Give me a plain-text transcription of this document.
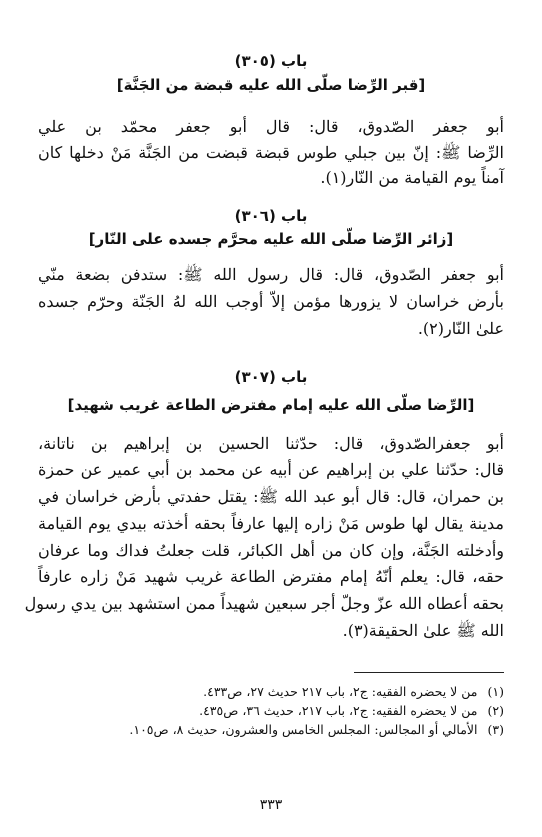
باب (٣٠٥)
[قبر الرِّضا صلّى الله عليه قبضة من الجَنَّة]
أبو جعفر الصّدوق، قال: قال أبو جعفر محمّد بن علي
الرِّضا ﷺ: إنّ بين جبلي طوس قبضة قبضت من الجَنَّة مَنْ دخلها كان
آمناً يوم القيامة من النّار(١).
باب (٣٠٦)
[زائر الرِّضا صلّى الله عليه محرَّم جسده على النّار]
أبو جعفر الصّدوق، قال: قال رسول الله ﷺ: ستدفن بضعة منّي
بأرض خراسان لا يزورها مؤمن إلاّ أوجب الله لهُ الجَنّة وحرّم جسده
علىٰ النّار(٢).
باب (٣٠٧)
[الرِّضا صلّى الله عليه إمام مفترض الطاعة غريب شهيد]
أبو جعفرالصّدوق، قال: حدّثنا الحسين بن إبراهيم بن ناتانة،
قال: حدّثنا علي بن إبراهيم عن أبيه عن محمد بن أبي عمير عن حمزة
بن حمران، قال: قال أبو عبد الله ﷺ: يقتل حفدتي بأرض خراسان في
مدينة يقال لها طوس مَنْ زاره إليها عارفاً بحقه أخذته بيدي يوم القيامة
وأدخلته الجَنَّة، وإن كان من أهل الكبائر، قلت جعلتُ فداك وما عرفان
حقه، قال: يعلم أنّهُ إمام مفترض الطاعة غريب شهيد مَنْ زاره عارفاً
بحقه أعطاه الله عزّ وجلّ أجر سبعين شهيداً ممن استشهد بين يدي رسول
الله ﷺ علىٰ الحقيقة(٣).
(١)من لا يحضره الفقيه: ج٢، باب ٢١٧ حديث ٢٧، ص٤٣٣.
(٢)من لا يحضره الفقيه: ج٢، باب ٢١٧، حديث ٣٦، ص٤٣٥.
(٣)الأمالي أو المجالس: المجلس الخامس والعشرون، حديث ٨، ص١٠٥.
٣٣٣
